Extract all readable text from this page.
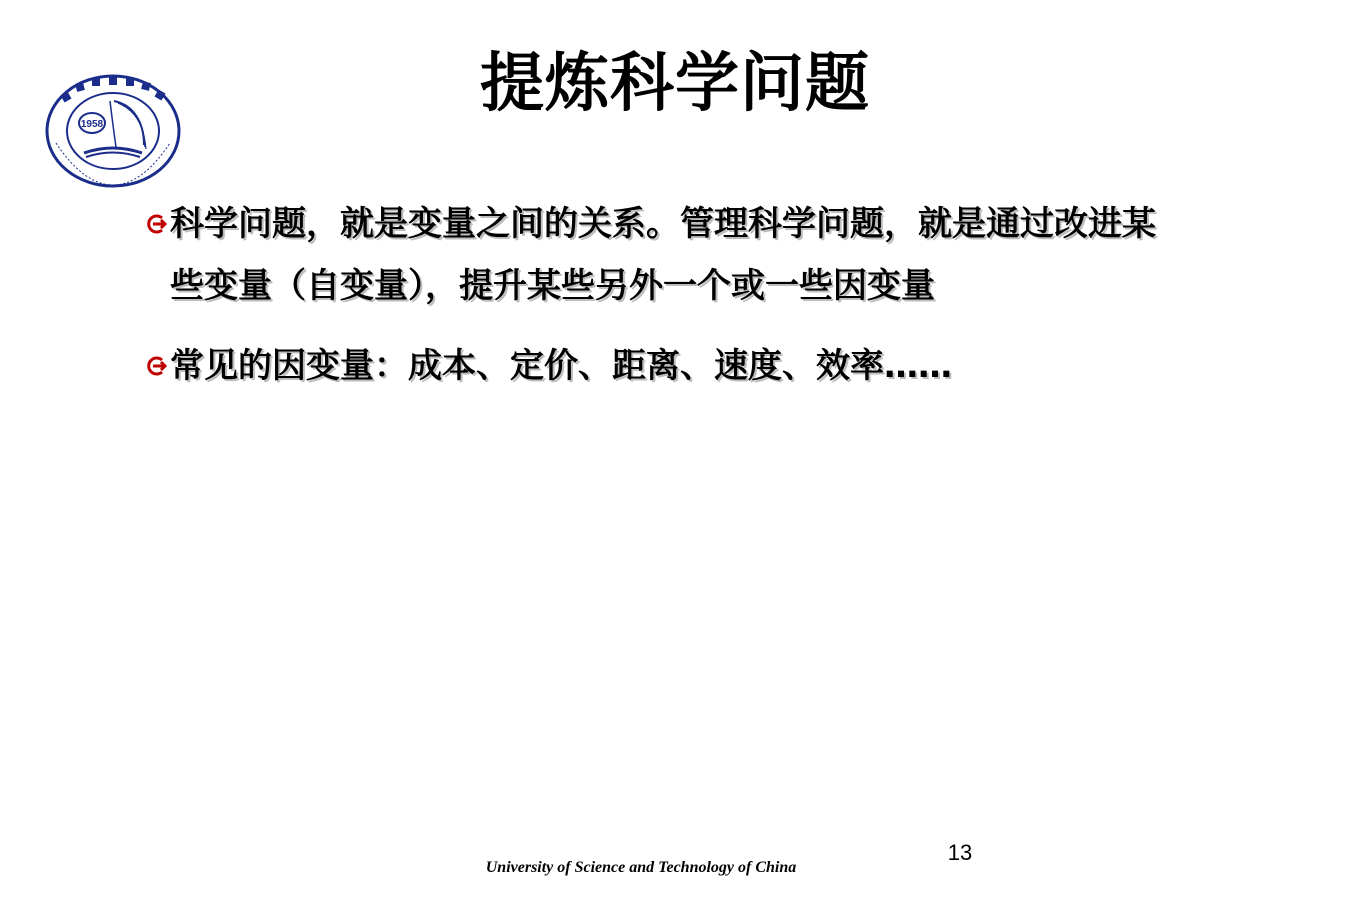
1958
提炼科学问题
科学问题，就是变量之间的关系。管理科学问题，就是通过改进某些变量（自变量），提升某些另外一个或一些因变量
常见的因变量：成本、定价、距离、速度、效率……
13
University of Science and Technology of China
